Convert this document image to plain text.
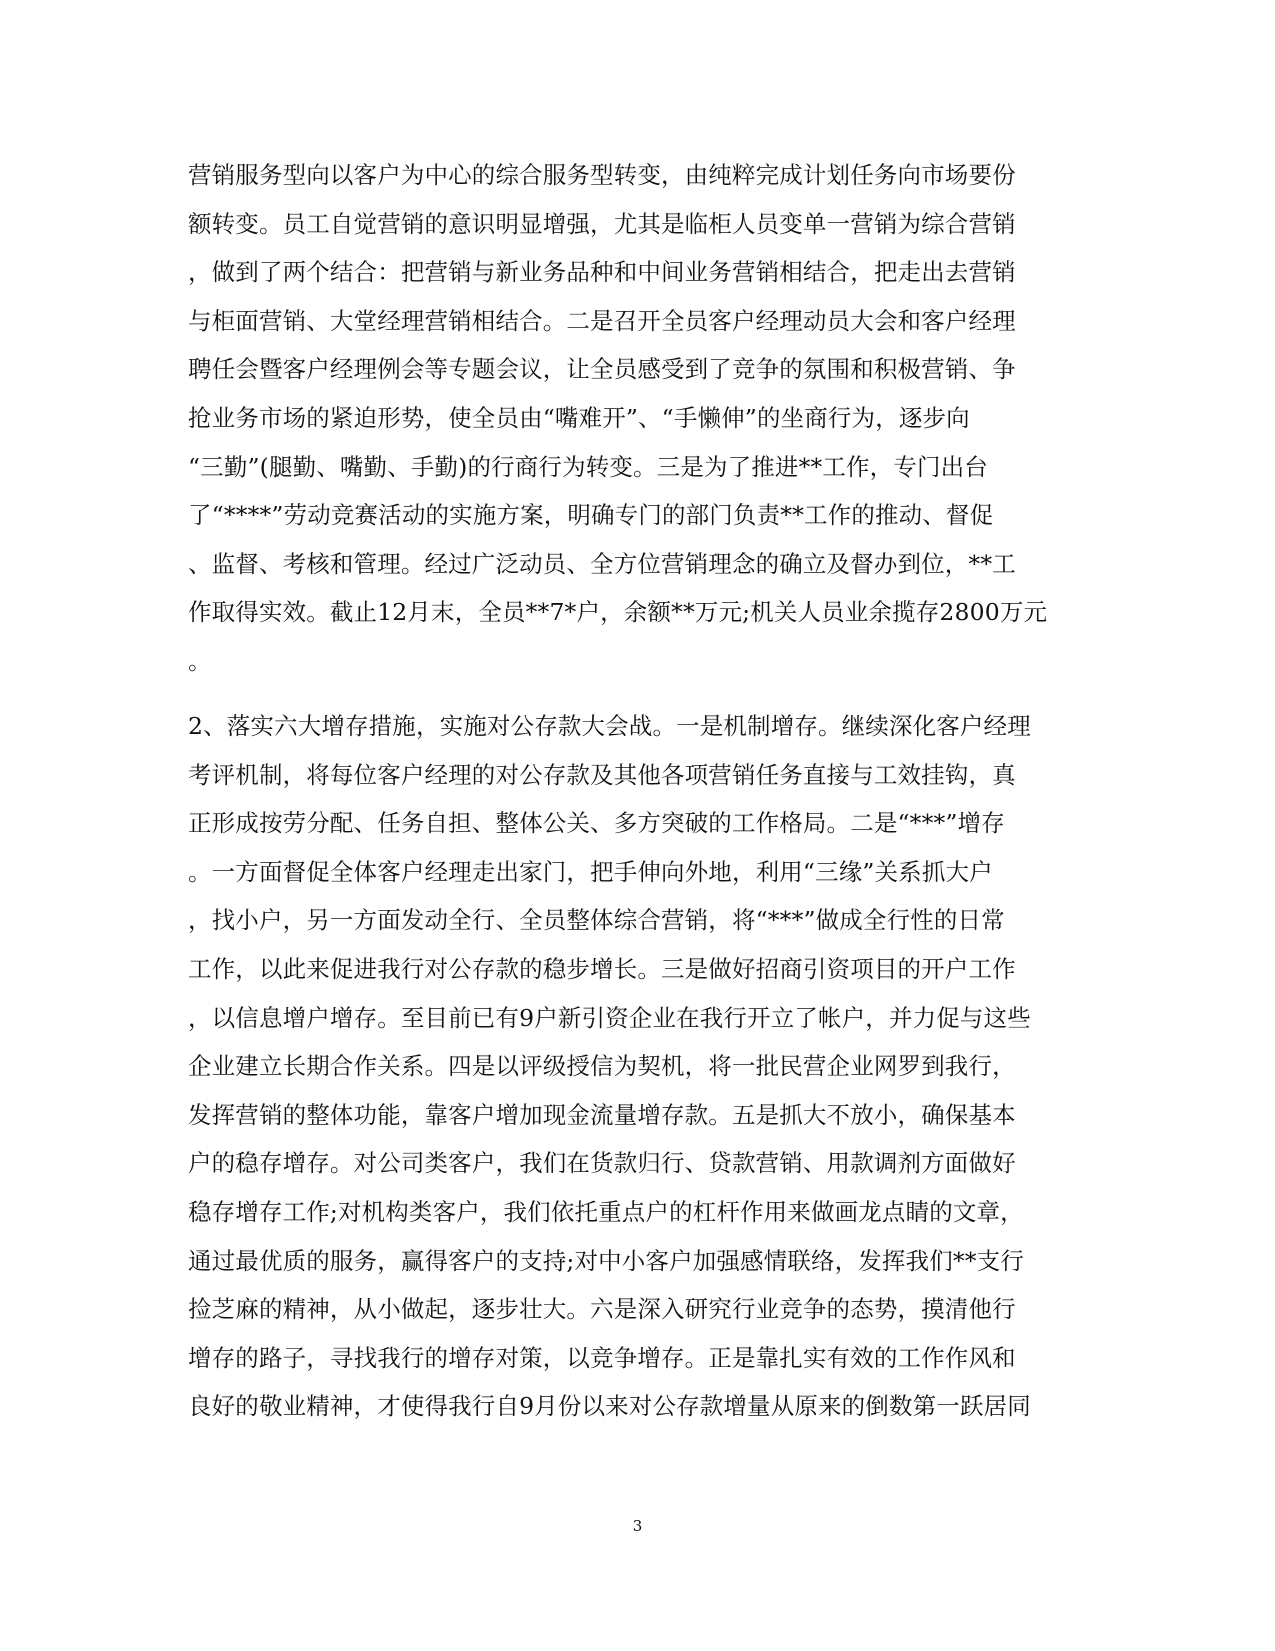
营销服务型向以客户为中心的综合服务型转变，由纯粹完成计划任务向市场要份
额转变。员工自觉营销的意识明显增强，尤其是临柜人员变单一营销为综合营销
，做到了两个结合：把营销与新业务品种和中间业务营销相结合，把走出去营销
与柜面营销、大堂经理营销相结合。二是召开全员客户经理动员大会和客户经理
聘任会暨客户经理例会等专题会议，让全员感受到了竞争的氛围和积极营销、争
抢业务市场的紧迫形势，使全员由“嘴难开”、“手懒伸”的坐商行为，逐步向
“三勤”(腿勤、嘴勤、手勤)的行商行为转变。三是为了推进**工作，专门出台
了“****”劳动竞赛活动的实施方案，明确专门的部门负责**工作的推动、督促
、监督、考核和管理。经过广泛动员、全方位营销理念的确立及督办到位，**工
作取得实效。截止12月末，全员**7*户，余额**万元;机关人员业余揽存2800万元
。
2、落实六大增存措施，实施对公存款大会战。一是机制增存。继续深化客户经理
考评机制，将每位客户经理的对公存款及其他各项营销任务直接与工效挂钩，真
正形成按劳分配、任务自担、整体公关、多方突破的工作格局。二是“***”增存
。一方面督促全体客户经理走出家门，把手伸向外地，利用“三缘”关系抓大户
，找小户，另一方面发动全行、全员整体综合营销，将“***”做成全行性的日常
工作，以此来促进我行对公存款的稳步增长。三是做好招商引资项目的开户工作
，以信息增户增存。至目前已有9户新引资企业在我行开立了帐户，并力促与这些
企业建立长期合作关系。四是以评级授信为契机，将一批民营企业网罗到我行，
发挥营销的整体功能，靠客户增加现金流量增存款。五是抓大不放小，确保基本
户的稳存增存。对公司类客户，我们在货款归行、贷款营销、用款调剂方面做好
稳存增存工作;对机构类客户，我们依托重点户的杠杆作用来做画龙点睛的文章，
通过最优质的服务，赢得客户的支持;对中小客户加强感情联络，发挥我们**支行
捡芝麻的精神，从小做起，逐步壮大。六是深入研究行业竞争的态势，摸清他行
增存的路子，寻找我行的增存对策，以竞争增存。正是靠扎实有效的工作作风和
良好的敬业精神，才使得我行自9月份以来对公存款增量从原来的倒数第一跃居同
3
